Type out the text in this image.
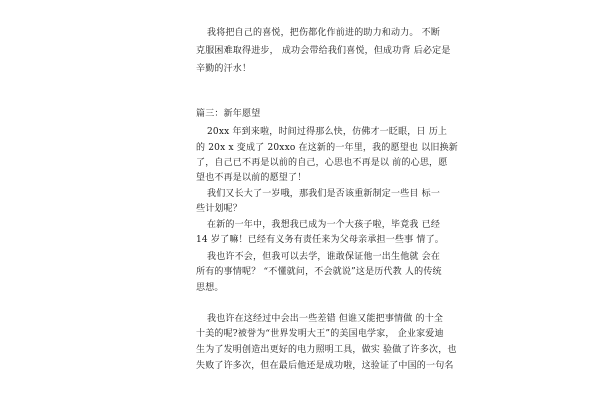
我将把自己的喜悦，把伤都化作前进的助力和动力。 不断
克服困难取得进步， 成功会带给我们喜悦，但成功背 后必定是
辛勤的汗水！
篇三：新年愿望
20xx 年到来啦，时间过得那么快，仿佛才一眨眼，日 历上
的 20x x 变成了 20xxo 在这新的一年里，我的愿望也 以旧换新
了，自己已不再是以前的自己，心思也不再是以 前的心思，愿
望也不再是以前的愿望了！
我们又长大了一岁哦，那我们是否该重新制定一些目 标一
些计划呢？
在新的一年中，我想我已成为一个大孩子啦，毕竟我 已经
14 岁了嘛！已经有义务有责任来为父母亲承担一些事 情了。
我也许不会，但我可以去学，谁敢保证他一出生他就 会在
所有的事情呢？ “不懂就问，不会就说”这是历代教 人的传统
思想。
我也许在这经过中会出一些差错 但谁又能把事情做 的十全
十美的呢?被誉为“世界发明大王”的美国电学家， 企业家爱迪
生为了发明创造出更好的电力照明工具，做实 验做了许多次，也
失败了许多次，但在最后他还是成功啦，这验证了中国的一句名
